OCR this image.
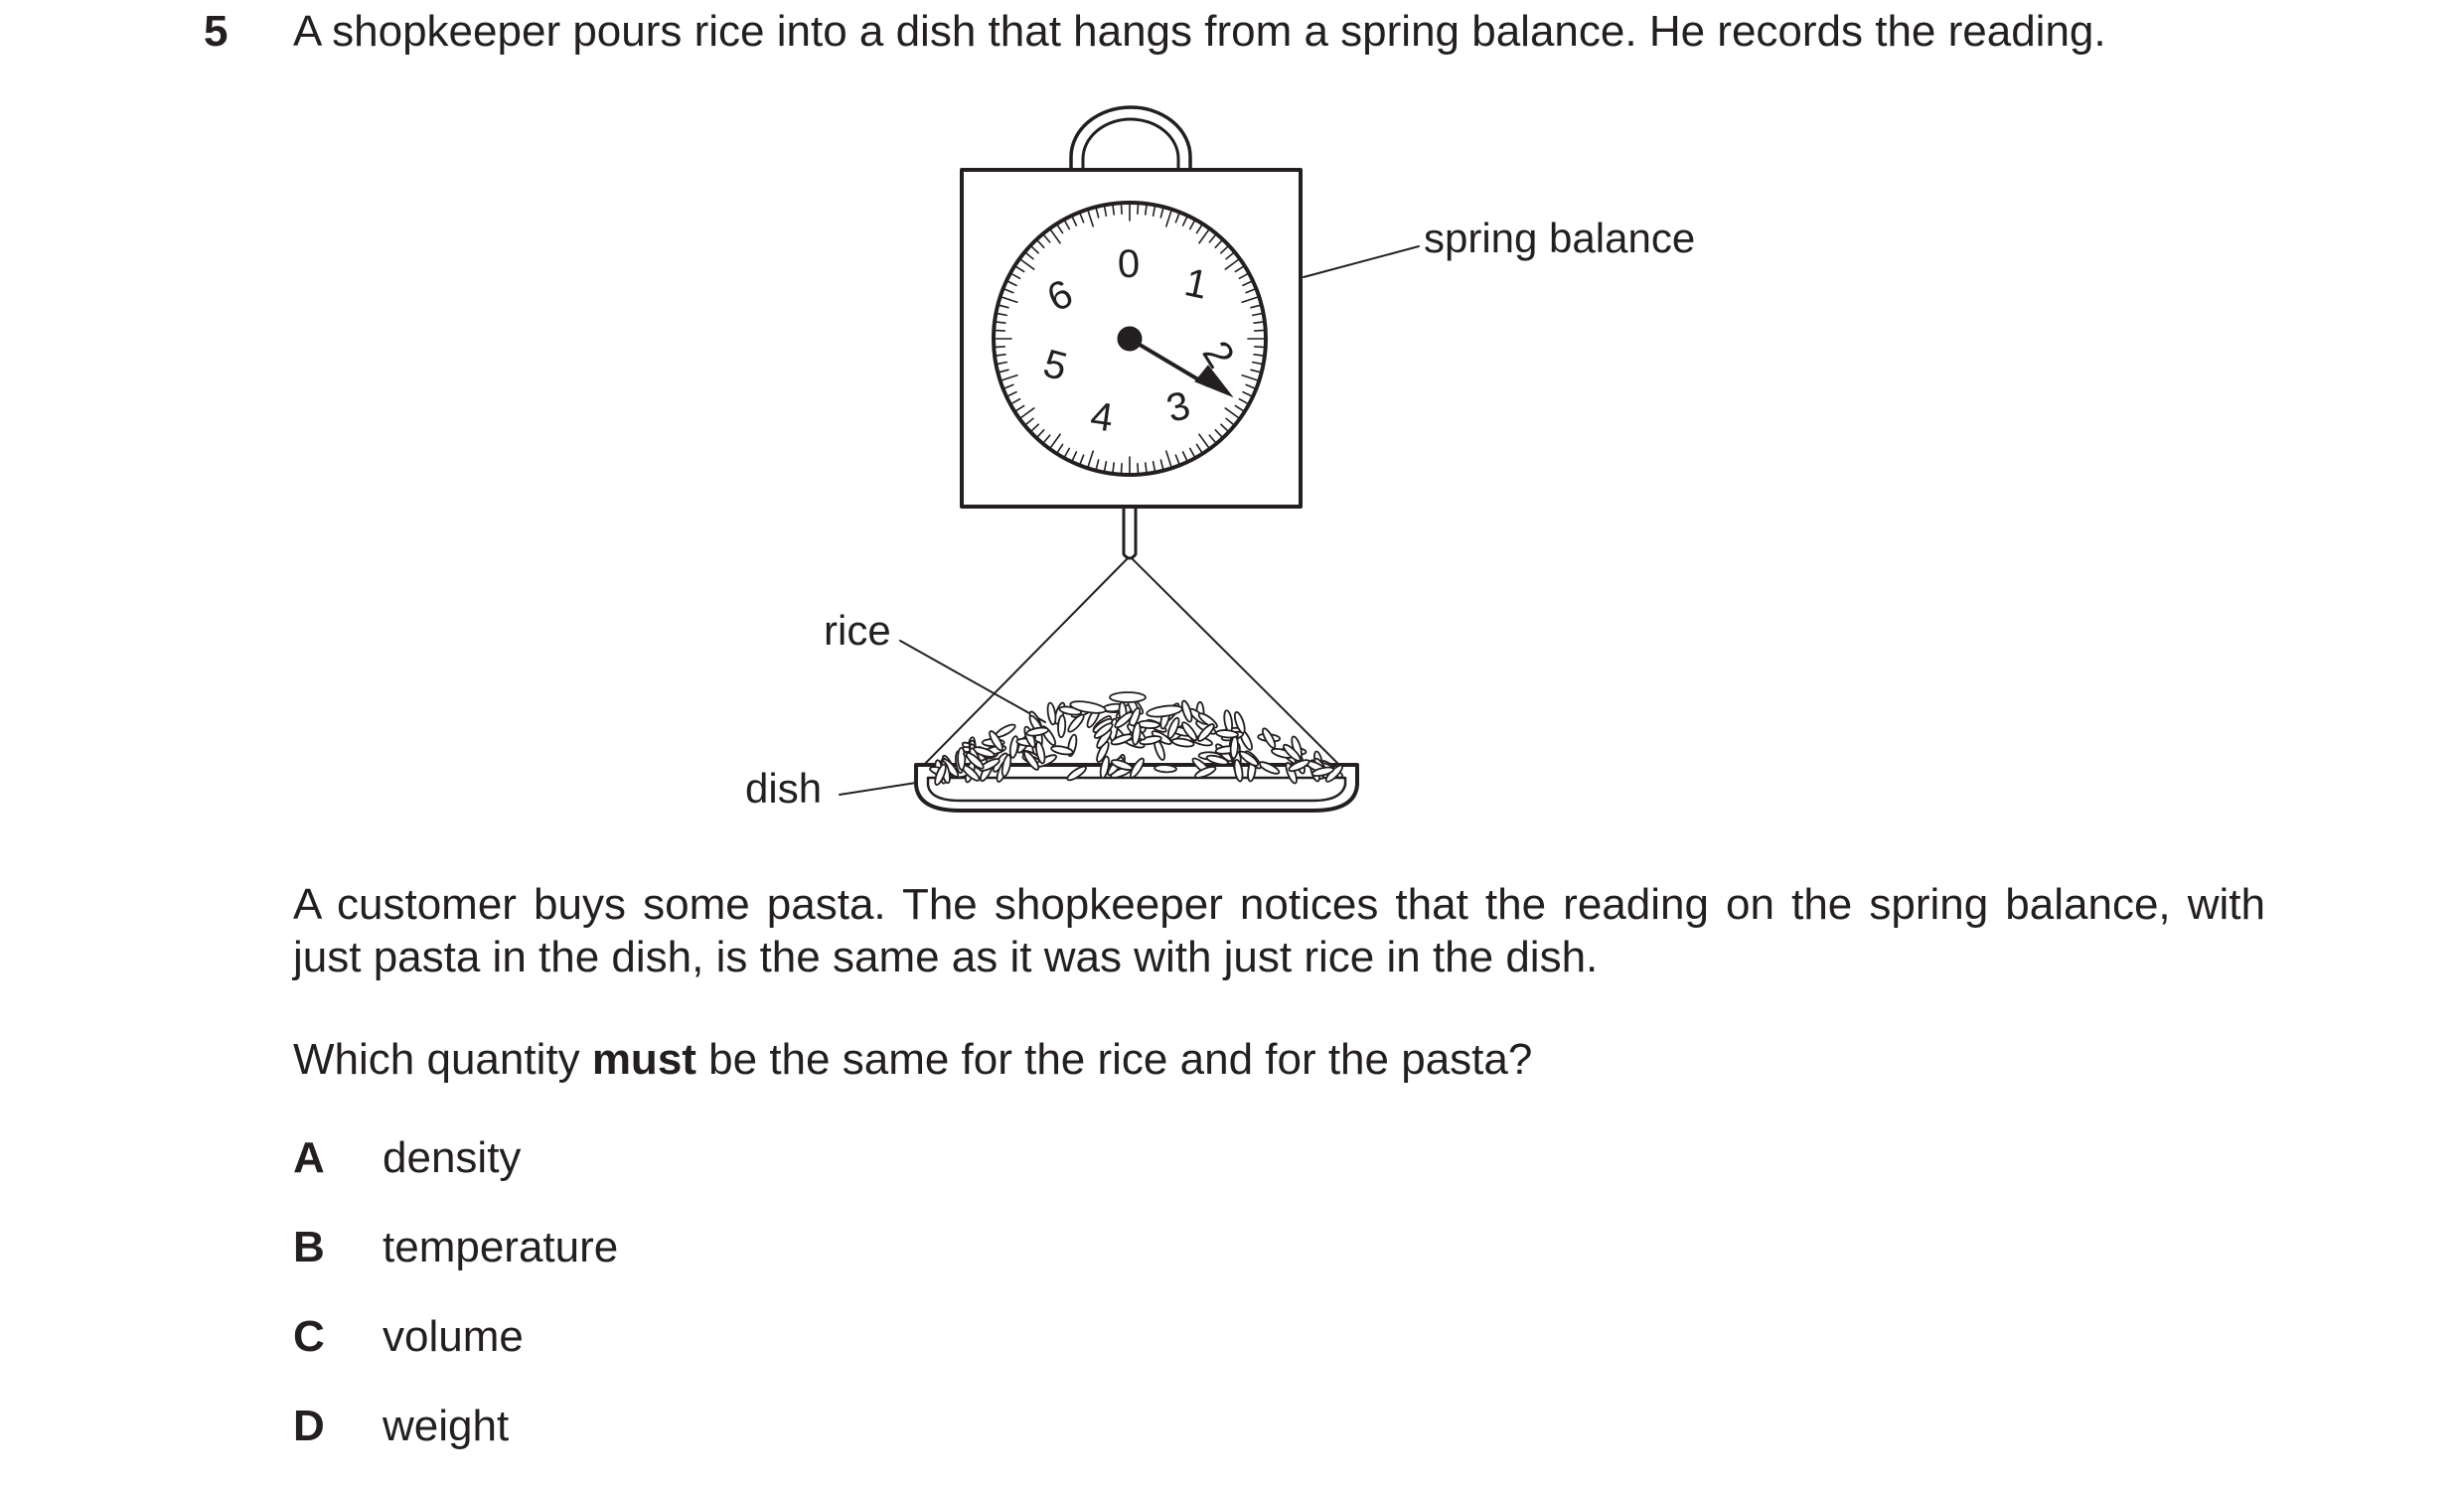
5 A shopkeeper pours rice into a dish that hangs from a spring balance. He records the reading.
0 1
2
3
4
5
6
spring balance
rice
dish
A customer buys some pasta. The shopkeeper notices that the reading on the spring balance, with just pasta in the dish, is the same as it was with just rice in the dish.
Which quantity must be the same for the rice and for the pasta?
A density
B temperature
C volume
D weight
